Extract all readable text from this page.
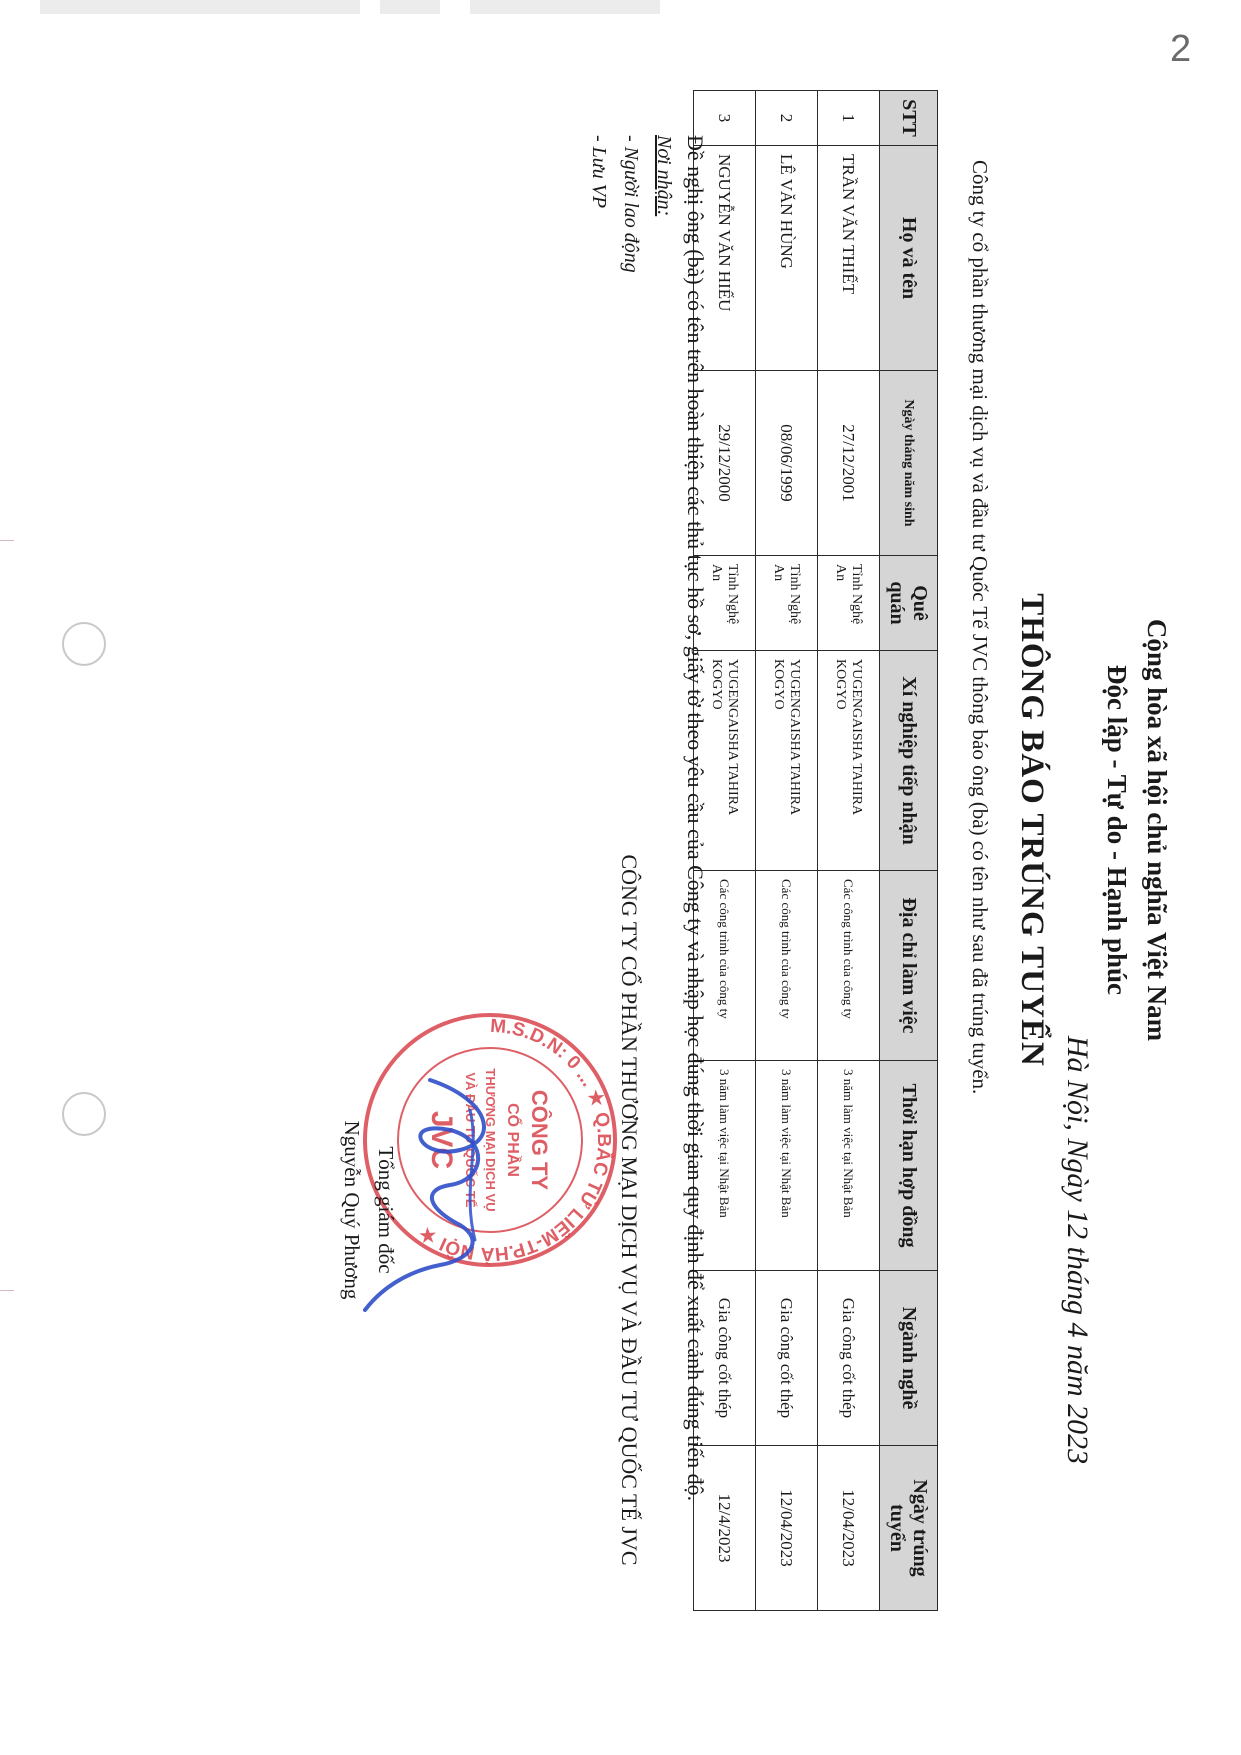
2
Cộng hòa xã hội chủ nghĩa Việt Nam
Độc lập - Tự do - Hạnh phúc
Hà Nội, Ngày 12 tháng 4 năm 2023
THÔNG BÁO TRÚNG TUYỂN
Công ty cổ phần thương mại dịch vụ và đầu tư Quốc Tế JVC thông báo ông (bà) có tên như sau đã trúng tuyển.
STT	Họ và tên	Ngày tháng năm sinh	Quê quán	Xí nghiệp tiếp nhận	Địa chỉ làm việc	Thời hạn hợp đồng	Ngành nghề	Ngày trúng tuyển
1	TRẦN VĂN THIẾT	27/12/2001	Tỉnh Nghệ An	YUGENGAISHA TAHIRA KOGYO	Các công trình của công ty	3 năm làm việc tại Nhật Bản	Gia công cốt thép	12/04/2023
2	LÊ VĂN HÙNG	08/06/1999	Tỉnh Nghệ An	YUGENGAISHA TAHIRA KOGYO	Các công trình của công ty	3 năm làm việc tại Nhật Bản	Gia công cốt thép	12/04/2023
3	NGUYỄN VĂN HIẾU	29/12/2000	Tỉnh Nghệ An	YUGENGAISHA TAHIRA KOGYO	Các công trình của công ty	3 năm làm việc tại Nhật Bản	Gia công cốt thép	12/4/2023
Đề nghị ông (bà) có tên trên hoàn thiện các thủ tục hồ sơ, giấy tờ theo yêu cầu của Công ty và nhập học đúng thời gian quy định để xuất cảnh đúng tiến độ.
Nơi nhận:
- Người lao động
- Lưu VP
CÔNG TY CỔ PHẦN THƯƠNG MẠI DỊCH VỤ VÀ ĐẦU TƯ QUỐC TẾ JVC
M.S.D.N: 0 ... ★ Q.BẮC TỪ LIÊM-TP.HÀ NỘI ★
CÔNG TY
CỔ PHẦN
THƯƠNG MẠI DỊCH VỤ
VÀ ĐẦU TƯ QUỐC TẾ
JVC
Tổng giám đốc
Nguyễn Quý Phương
